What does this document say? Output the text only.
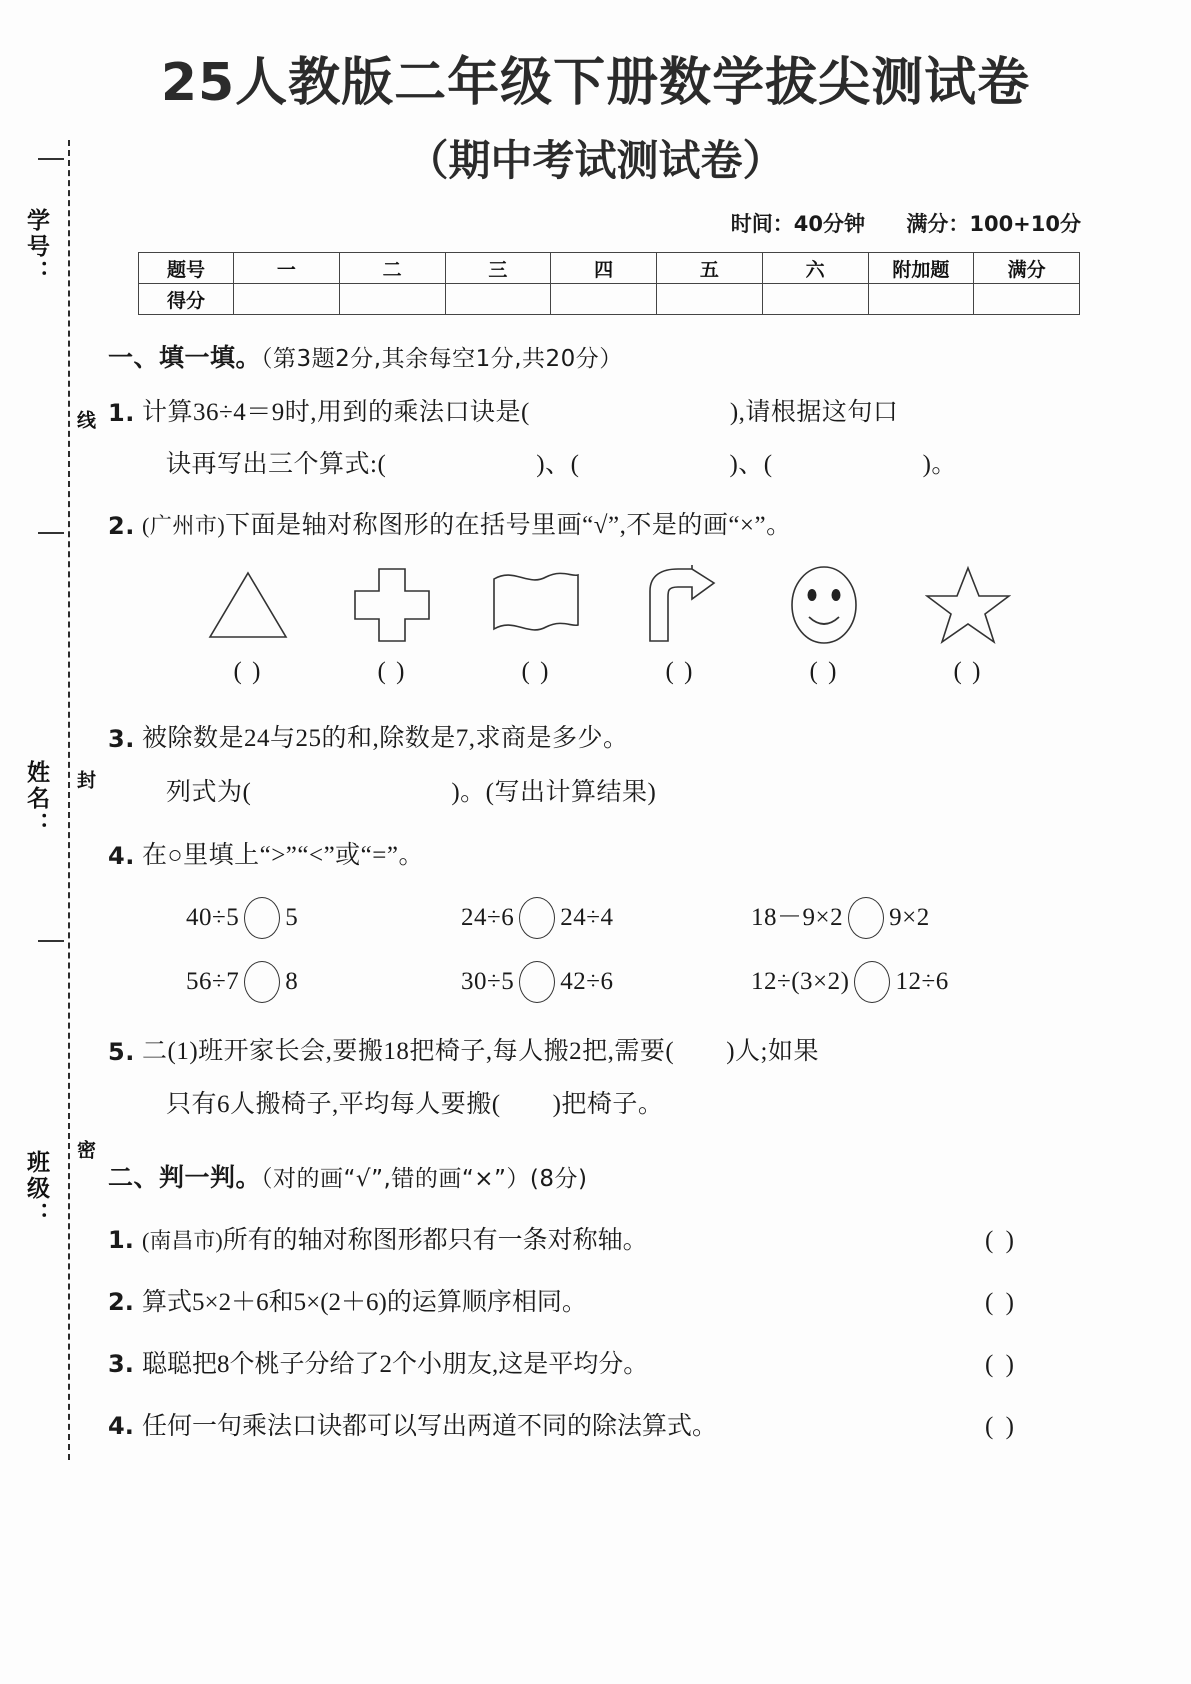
25人教版二年级下册数学拔尖测试卷
（期中考试测试卷）
时间：40分钟 满分：100+10分
题号	一	二	三	四	五	六	附加题	满分
得分								
学号：
姓名：
班级：
线
封
密
一、填一填。（第3题2分,其余每空1分,共20分）
1. 计算36÷4＝9时,用到的乘法口诀是(	),请根据这句口
诀再写出三个算式:(	)、(	)、(	)。
2. (广州市)下面是轴对称图形的在括号里画“√”,不是的画“×”。
( )	( )	( )	( )	( )	( )
3. 被除数是24与25的和,除数是7,求商是多少。
列式为(	)。(写出计算结果)
4. 在○里填上“>”“<”或“=”。
40÷5 5	24÷6 24÷4	18－9×2 9×2
56÷7 8	30÷5 42÷6	12÷(3×2) 12÷6
5. 二(1)班开家长会,要搬18把椅子,每人搬2把,需要( )人;如果
只有6人搬椅子,平均每人要搬( )把椅子。
二、判一判。（对的画“√”,错的画“×”）(8分)
1. (南昌市)所有的轴对称图形都只有一条对称轴。	( )
2. 算式5×2＋6和5×(2＋6)的运算顺序相同。	( )
3. 聪聪把8个桃子分给了2个小朋友,这是平均分。	( )
4. 任何一句乘法口诀都可以写出两道不同的除法算式。	( )
